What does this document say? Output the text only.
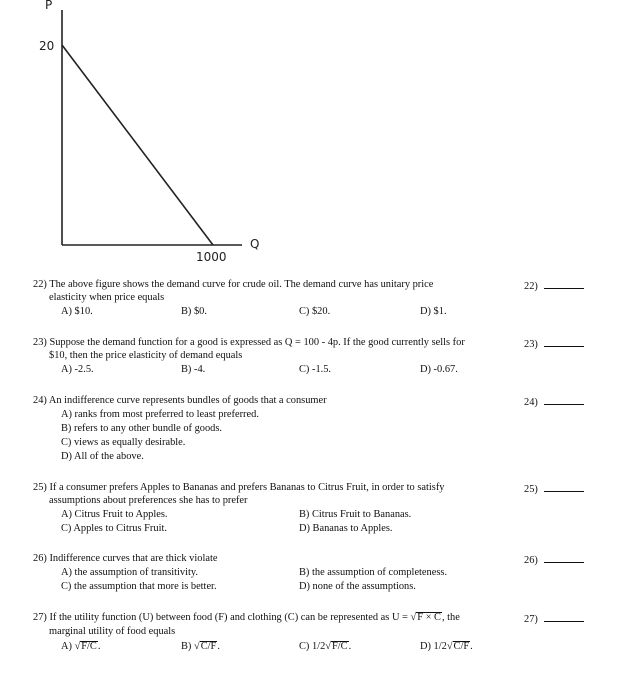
P
20
Q
1000
22) The above figure shows the demand curve for crude oil. The demand curve has unitary price
elasticity when price equals
A) $10.	B) $0.	C) $20.	D) $1.
22)
23) Suppose the demand function for a good is expressed as Q = 100 - 4p. If the good currently sells for
$10, then the price elasticity of demand equals
A) -2.5.	B) -4.	C) -1.5.	D) -0.67.
23)
24) An indifference curve represents bundles of goods that a consumer
A) ranks from most preferred to least preferred.
B) refers to any other bundle of goods.
C) views as equally desirable.
D) All of the above.
24)
25) If a consumer prefers Apples to Bananas and prefers Bananas to Citrus Fruit, in order to satisfy
assumptions about preferences she has to prefer
A) Citrus Fruit to Apples.	B) Citrus Fruit to Bananas.
C) Apples to Citrus Fruit.	D) Bananas to Apples.
25)
26) Indifference curves that are thick violate
A) the assumption of transitivity.	B) the assumption of completeness.
C) the assumption that more is better.	D) none of the assumptions.
26)
27) If the utility function (U) between food (F) and clothing (C) can be represented as U = √F × C, the
marginal utility of food equals
A) √F/C.	B) √C/F.	C) 1/2√F/C.	D) 1/2√C/F.
27)
